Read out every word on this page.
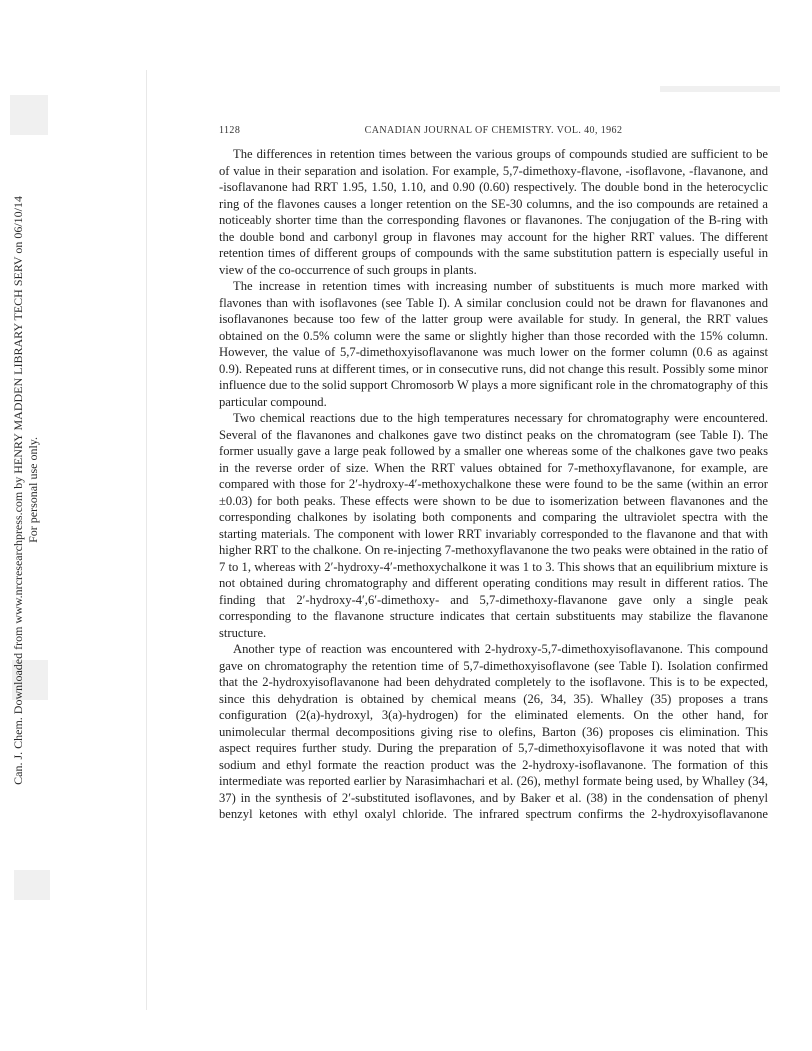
Can. J. Chem. Downloaded from www.nrcresearchpress.com by HENRY MADDEN LIBRARY TECH SERV on 06/10/14 For personal use only.
1128	CANADIAN JOURNAL OF CHEMISTRY. VOL. 40, 1962

The differences in retention times between the various groups of compounds studied are sufficient to be of value in their separation and isolation. For example, 5,7-dimethoxy-flavone, -isoflavone, -flavanone, and -isoflavanone had RRT 1.95, 1.50, 1.10, and 0.90 (0.60) respectively. The double bond in the heterocyclic ring of the flavones causes a longer retention on the SE-30 columns, and the iso compounds are retained a noticeably shorter time than the corresponding flavones or flavanones. The conjugation of the B-ring with the double bond and carbonyl group in flavones may account for the higher RRT values. The different retention times of different groups of compounds with the same substitution pattern is especially useful in view of the co-occurrence of such groups in plants.

The increase in retention times with increasing number of substituents is much more marked with flavones than with isoflavones (see Table I). A similar conclusion could not be drawn for flavanones and isoflavanones because too few of the latter group were available for study. In general, the RRT values obtained on the 0.5% column were the same or slightly higher than those recorded with the 15% column. However, the value of 5,7-dimethoxyisoflavanone was much lower on the former column (0.6 as against 0.9). Repeated runs at different times, or in consecutive runs, did not change this result. Possibly some minor influence due to the solid support Chromosorb W plays a more significant role in the chromatography of this particular compound.

Two chemical reactions due to the high temperatures necessary for chromatography were encountered. Several of the flavanones and chalkones gave two distinct peaks on the chromatogram (see Table I). The former usually gave a large peak followed by a smaller one whereas some of the chalkones gave two peaks in the reverse order of size. When the RRT values obtained for 7-methoxyflavanone, for example, are compared with those for 2′-hydroxy-4′-methoxychalkone these were found to be the same (within an error ±0.03) for both peaks. These effects were shown to be due to isomerization between flavanones and the corresponding chalkones by isolating both components and comparing the ultraviolet spectra with the starting materials. The component with lower RRT invariably corresponded to the flavanone and that with higher RRT to the chalkone. On re-injecting 7-methoxyflavanone the two peaks were obtained in the ratio of 7 to 1, whereas with 2′-hydroxy-4′-methoxychalkone it was 1 to 3. This shows that an equilibrium mixture is not obtained during chromatography and different operating conditions may result in different ratios. The finding that 2′-hydroxy-4′,6′-dimethoxy- and 5,7-dimethoxy-flavanone gave only a single peak corresponding to the flavanone structure indicates that certain substituents may stabilize the flavanone structure.

Another type of reaction was encountered with 2-hydroxy-5,7-dimethoxyisoflavanone. This compound gave on chromatography the retention time of 5,7-dimethoxyisoflavone (see Table I). Isolation confirmed that the 2-hydroxyisoflavanone had been dehydrated completely to the isoflavone. This is to be expected, since this dehydration is obtained by chemical means (26, 34, 35). Whalley (35) proposes a trans configuration (2(a)-hydroxyl, 3(a)-hydrogen) for the eliminated elements. On the other hand, for unimolecular thermal decompositions giving rise to olefins, Barton (36) proposes cis elimination. This aspect requires further study. During the preparation of 5,7-dimethoxyisoflavone it was noted that with sodium and ethyl formate the reaction product was the 2-hydroxy-isoflavanone. The formation of this intermediate was reported earlier by Narasimhachari et al. (26), methyl formate being used, by Whalley (34, 37) in the synthesis of 2′-substituted isoflavones, and by Baker et al. (38) in the condensation of phenyl benzyl ketones with ethyl oxalyl chloride. The infrared spectrum confirms the 2-hydroxyisoflavanone
